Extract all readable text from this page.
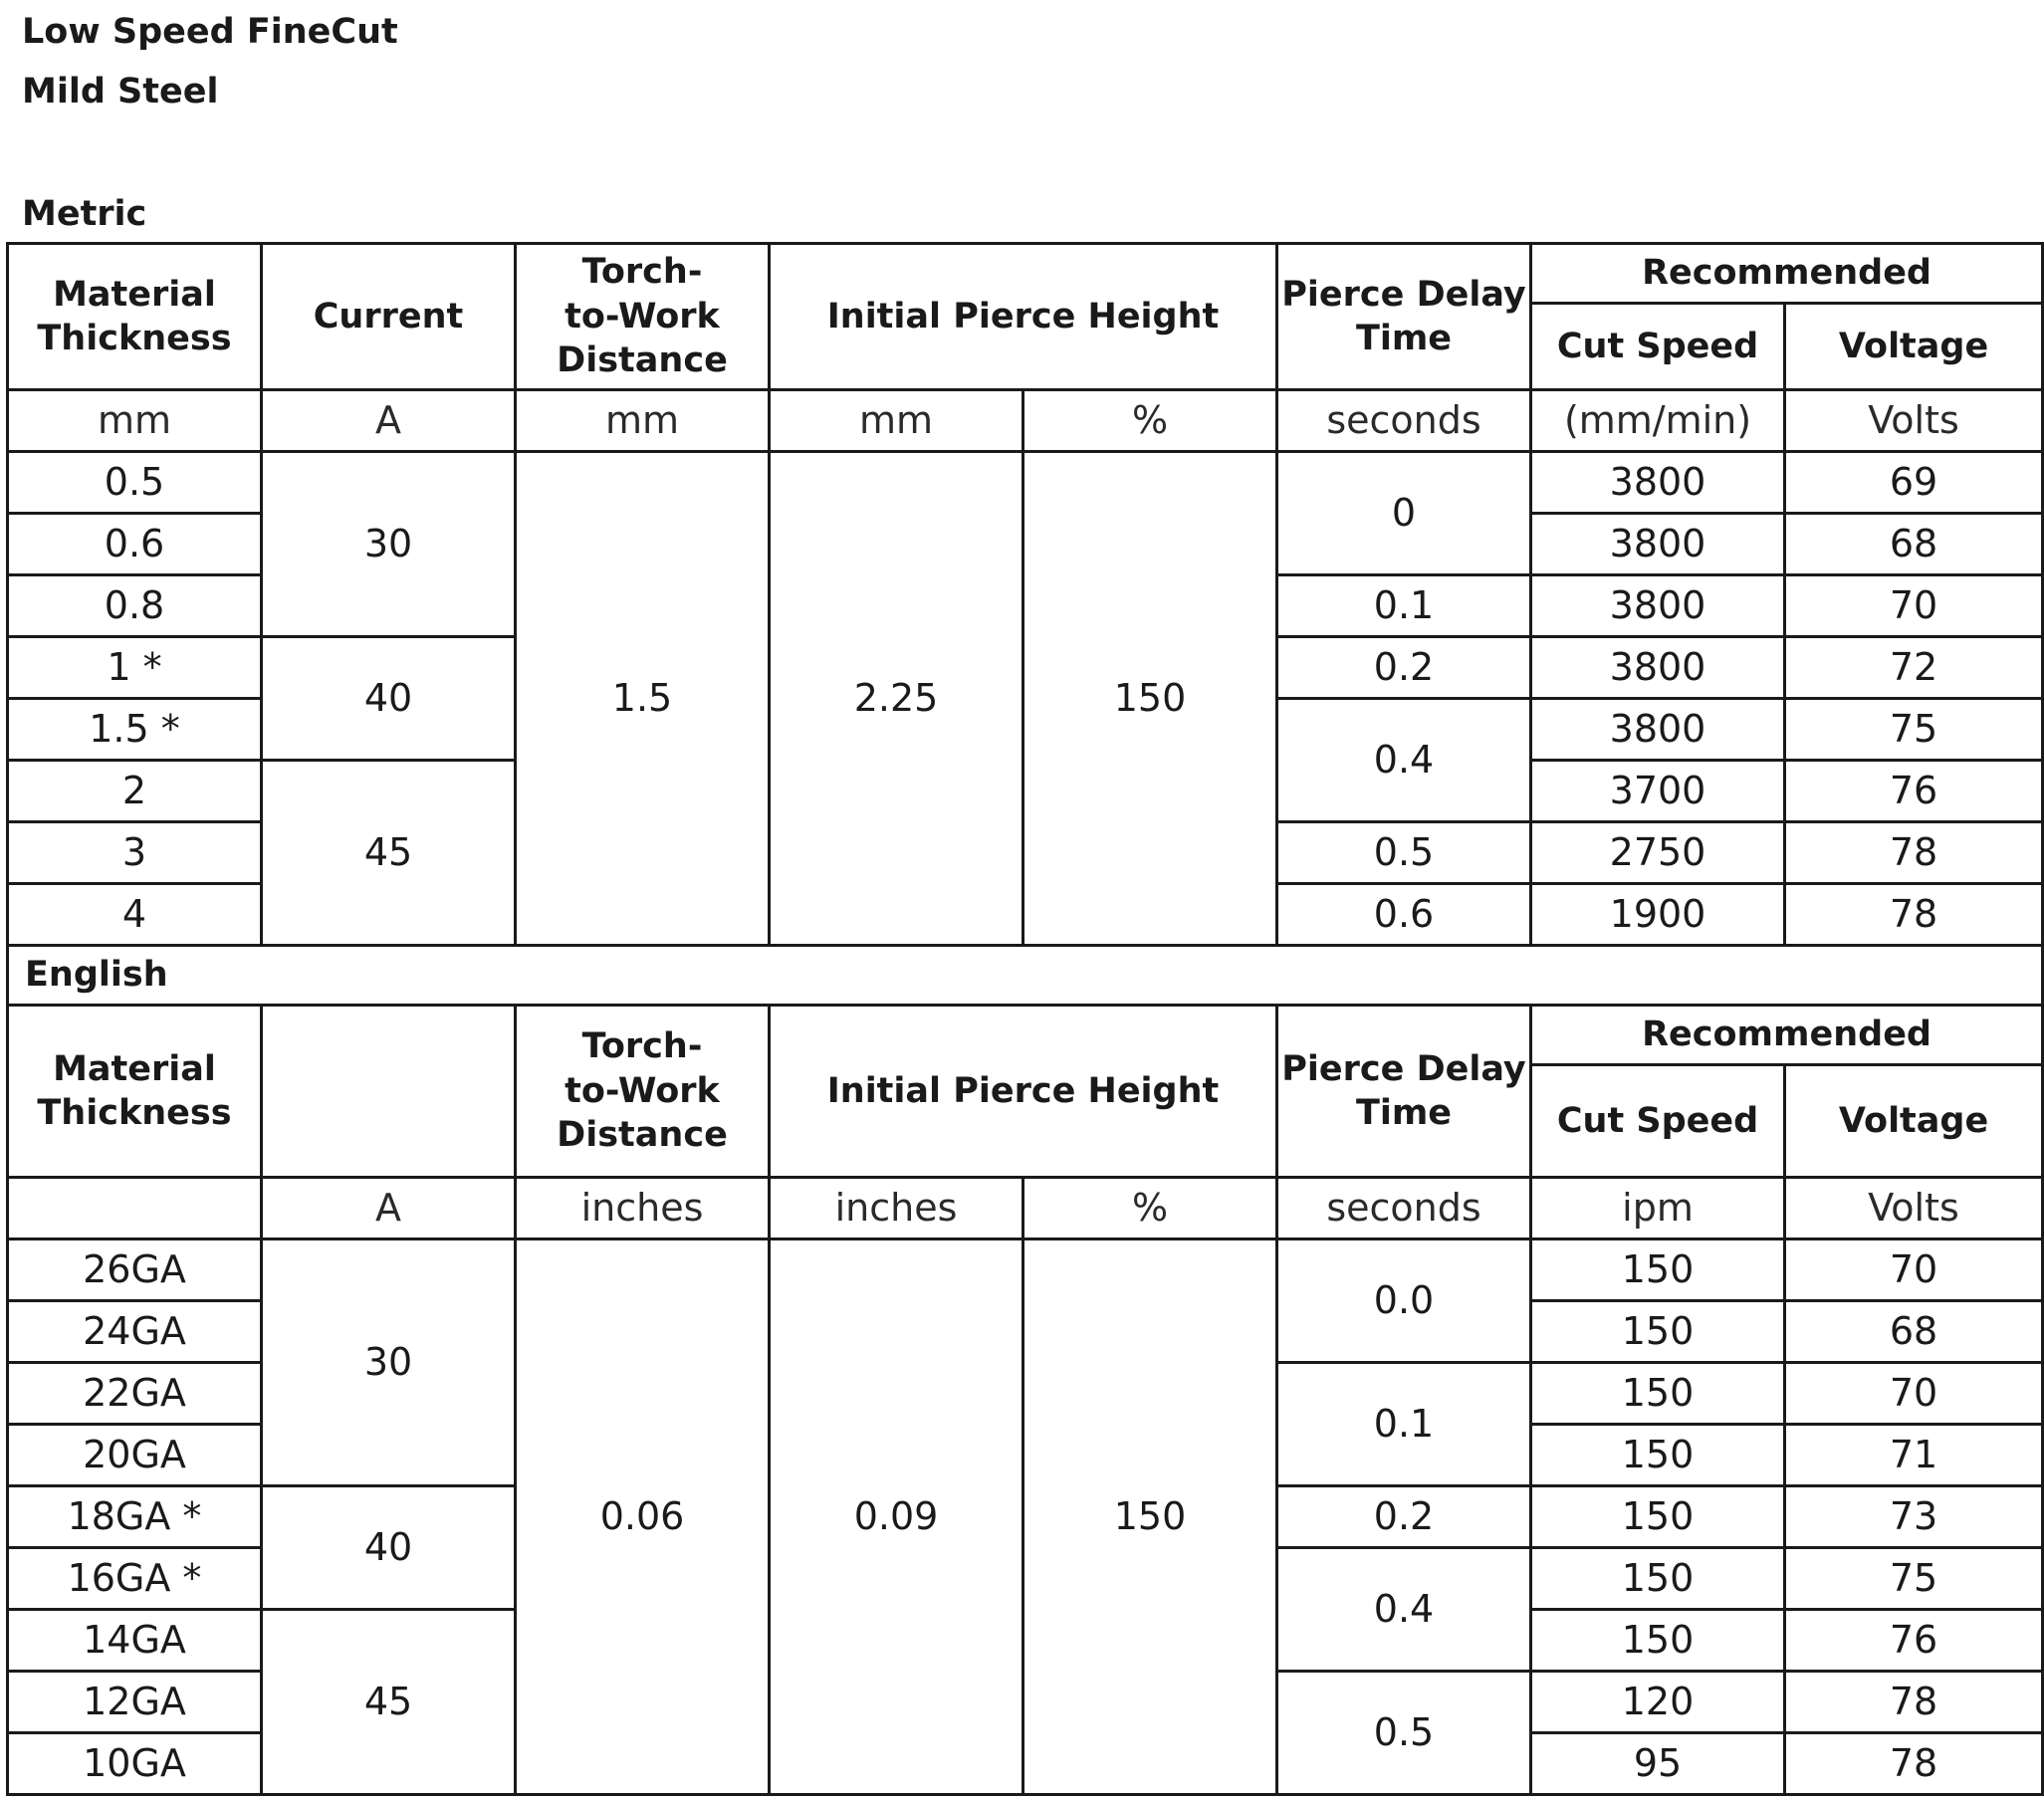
Low Speed FineCut
Mild Steel
Metric
Material Thickness	Current	Torch-
to-Work
Distance	Initial Pierce Height		Pierce Delay Time	Recommended	
						Cut Speed	Voltage
mm	A	mm	mm	%	seconds	(mm/min)	Volts
0.5	30	1.5	2.25	150	0	3800	69
0.6						3800	68
0.8					0.1	3800	70
1 *	40				0.2	3800	72
1.5 *					0.4	3800	75
2	45					3700	76
3					0.5	2750	78
4					0.6	1900	78
English							
Material Thickness		Torch-
to-Work
Distance	Initial Pierce Height		Pierce Delay Time	Recommended	
						Cut Speed	Voltage
	A	inches	inches	%	seconds	ipm	Volts
26GA	30	0.06	0.09	150	0.0	150	70
24GA						150	68
22GA					0.1	150	70
20GA						150	71
18GA *	40				0.2	150	73
16GA *					0.4	150	75
14GA	45					150	76
12GA					0.5	120	78
10GA						95	78
